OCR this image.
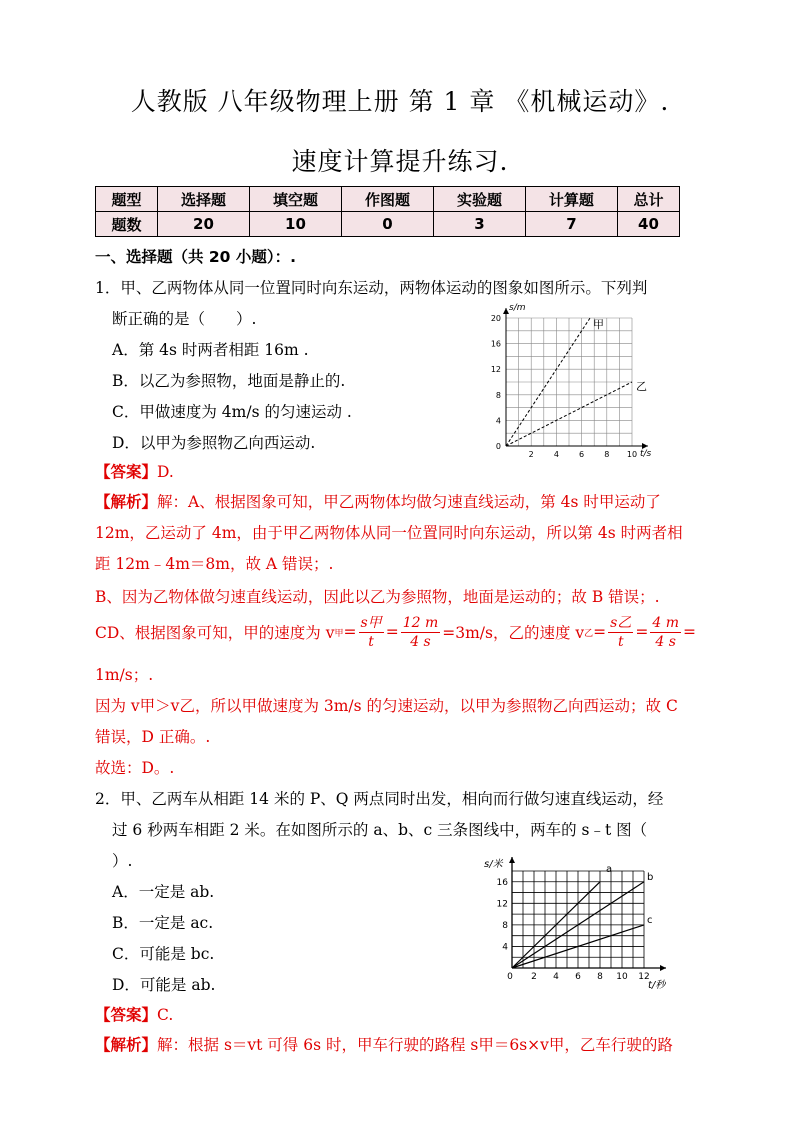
人教版 八年级物理上册 第 1 章 《机械运动》.
速度计算提升练习.
题型	选择题	填空题	作图题	实验题	计算题	总计
题数	20	10	0	3	7	40
一、选择题（共 20 小题）：.
1．甲、乙两物体从同一位置同时向东运动，两物体运动的图象如图所示。下列判
断正确的是（　　）.
A．第 4s 时两者相距 16m .
B．以乙为参照物，地面是静止的.
C．甲做速度为 4m/s 的匀速运动 .
D．以甲为参照物乙向西运动.
s/m
t/s
2	4	6	8 10
0
4
8
12
16
20	甲
乙
【答案】D.
【解析】解：A、根据图象可知，甲乙两物体均做匀速直线运动，第 4s 时甲运动了
12m，乙运动了 4m，由于甲乙两物体从同一位置同时向东运动，所以第 4s 时两者相
距 12m﹣4m＝8m，故 A 错误；.
B、因为乙物体做匀速直线运动，因此以乙为参照物，地面是运动的；故 B 错误；.
CD、根据图象可知，甲的速度为 v 甲 = $\frac{\text{s甲}}{t} = \frac{12 m}{4 s} =3m/s$，乙的速度 v 乙 = $\frac{\text{s乙}}{t} = \frac{4 m}{4 s}$ =
1m/s；.
因为 v甲＞v乙，所以甲做速度为 3m/s 的匀速运动，以甲为参照物乙向西运动；故 C
错误，D 正确。.
故选：D。.
2．甲、乙两车从相距 14 米的 P、Q 两点同时出发，相向而行做匀速直线运动，经
过 6 秒两车相距 2 米。在如图所示的 a、b、c 三条图线中，两车的 s﹣t 图（
）.
A．一定是 ab.
B．一定是 ac.
C．可能是 bc.
D．可能是 ab.
s/米
t/秒
0 2 4 6 8 10 12
4
8
12
16
a
b
c
【答案】C.
【解析】解：根据 s＝vt 可得 6s 时，甲车行驶的路程 s甲＝6s×v甲，乙车行驶的路
